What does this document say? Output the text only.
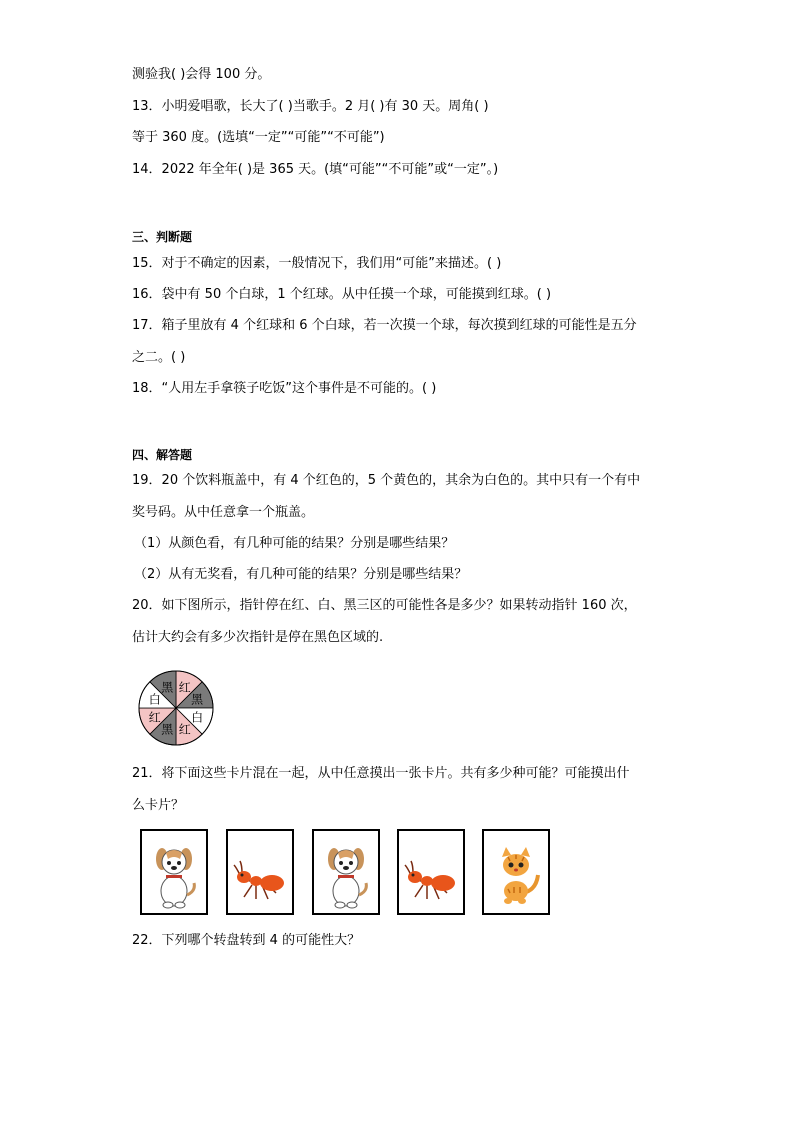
测验我( )会得 100 分。
13．小明爱唱歌，长大了( )当歌手。2 月( )有 30 天。周角( )
等于 360 度。(选填“一定”“可能”“不可能”)
14．2022 年全年( )是 365 天。(填“可能”“不可能”或“一定”。)
三、判断题
15．对于不确定的因素，一般情况下，我们用“可能”来描述。( )
16．袋中有 50 个白球，1 个红球。从中任摸一个球，可能摸到红球。( )
17．箱子里放有 4 个红球和 6 个白球，若一次摸一个球，每次摸到红球的可能性是五分
之二。( )
18．“人用左手拿筷子吃饭”这个事件是不可能的。( )
四、解答题
19．20 个饮料瓶盖中，有 4 个红色的，5 个黄色的，其余为白色的。其中只有一个有中
奖号码。从中任意拿一个瓶盖。
（1）从颜色看，有几种可能的结果？分别是哪些结果？
（2）从有无奖看，有几种可能的结果？分别是哪些结果？
20．如下图所示，指针停在红、白、黑三区的可能性各是多少？如果转动指针 160 次，
估计大约会有多少次指针是停在黑色区域的.
红
黑
白
红
黑
红
白
黑
21．将下面这些卡片混在一起，从中任意摸出一张卡片。共有多少种可能？可能摸出什
么卡片？
22．下列哪个转盘转到 4 的可能性大？
